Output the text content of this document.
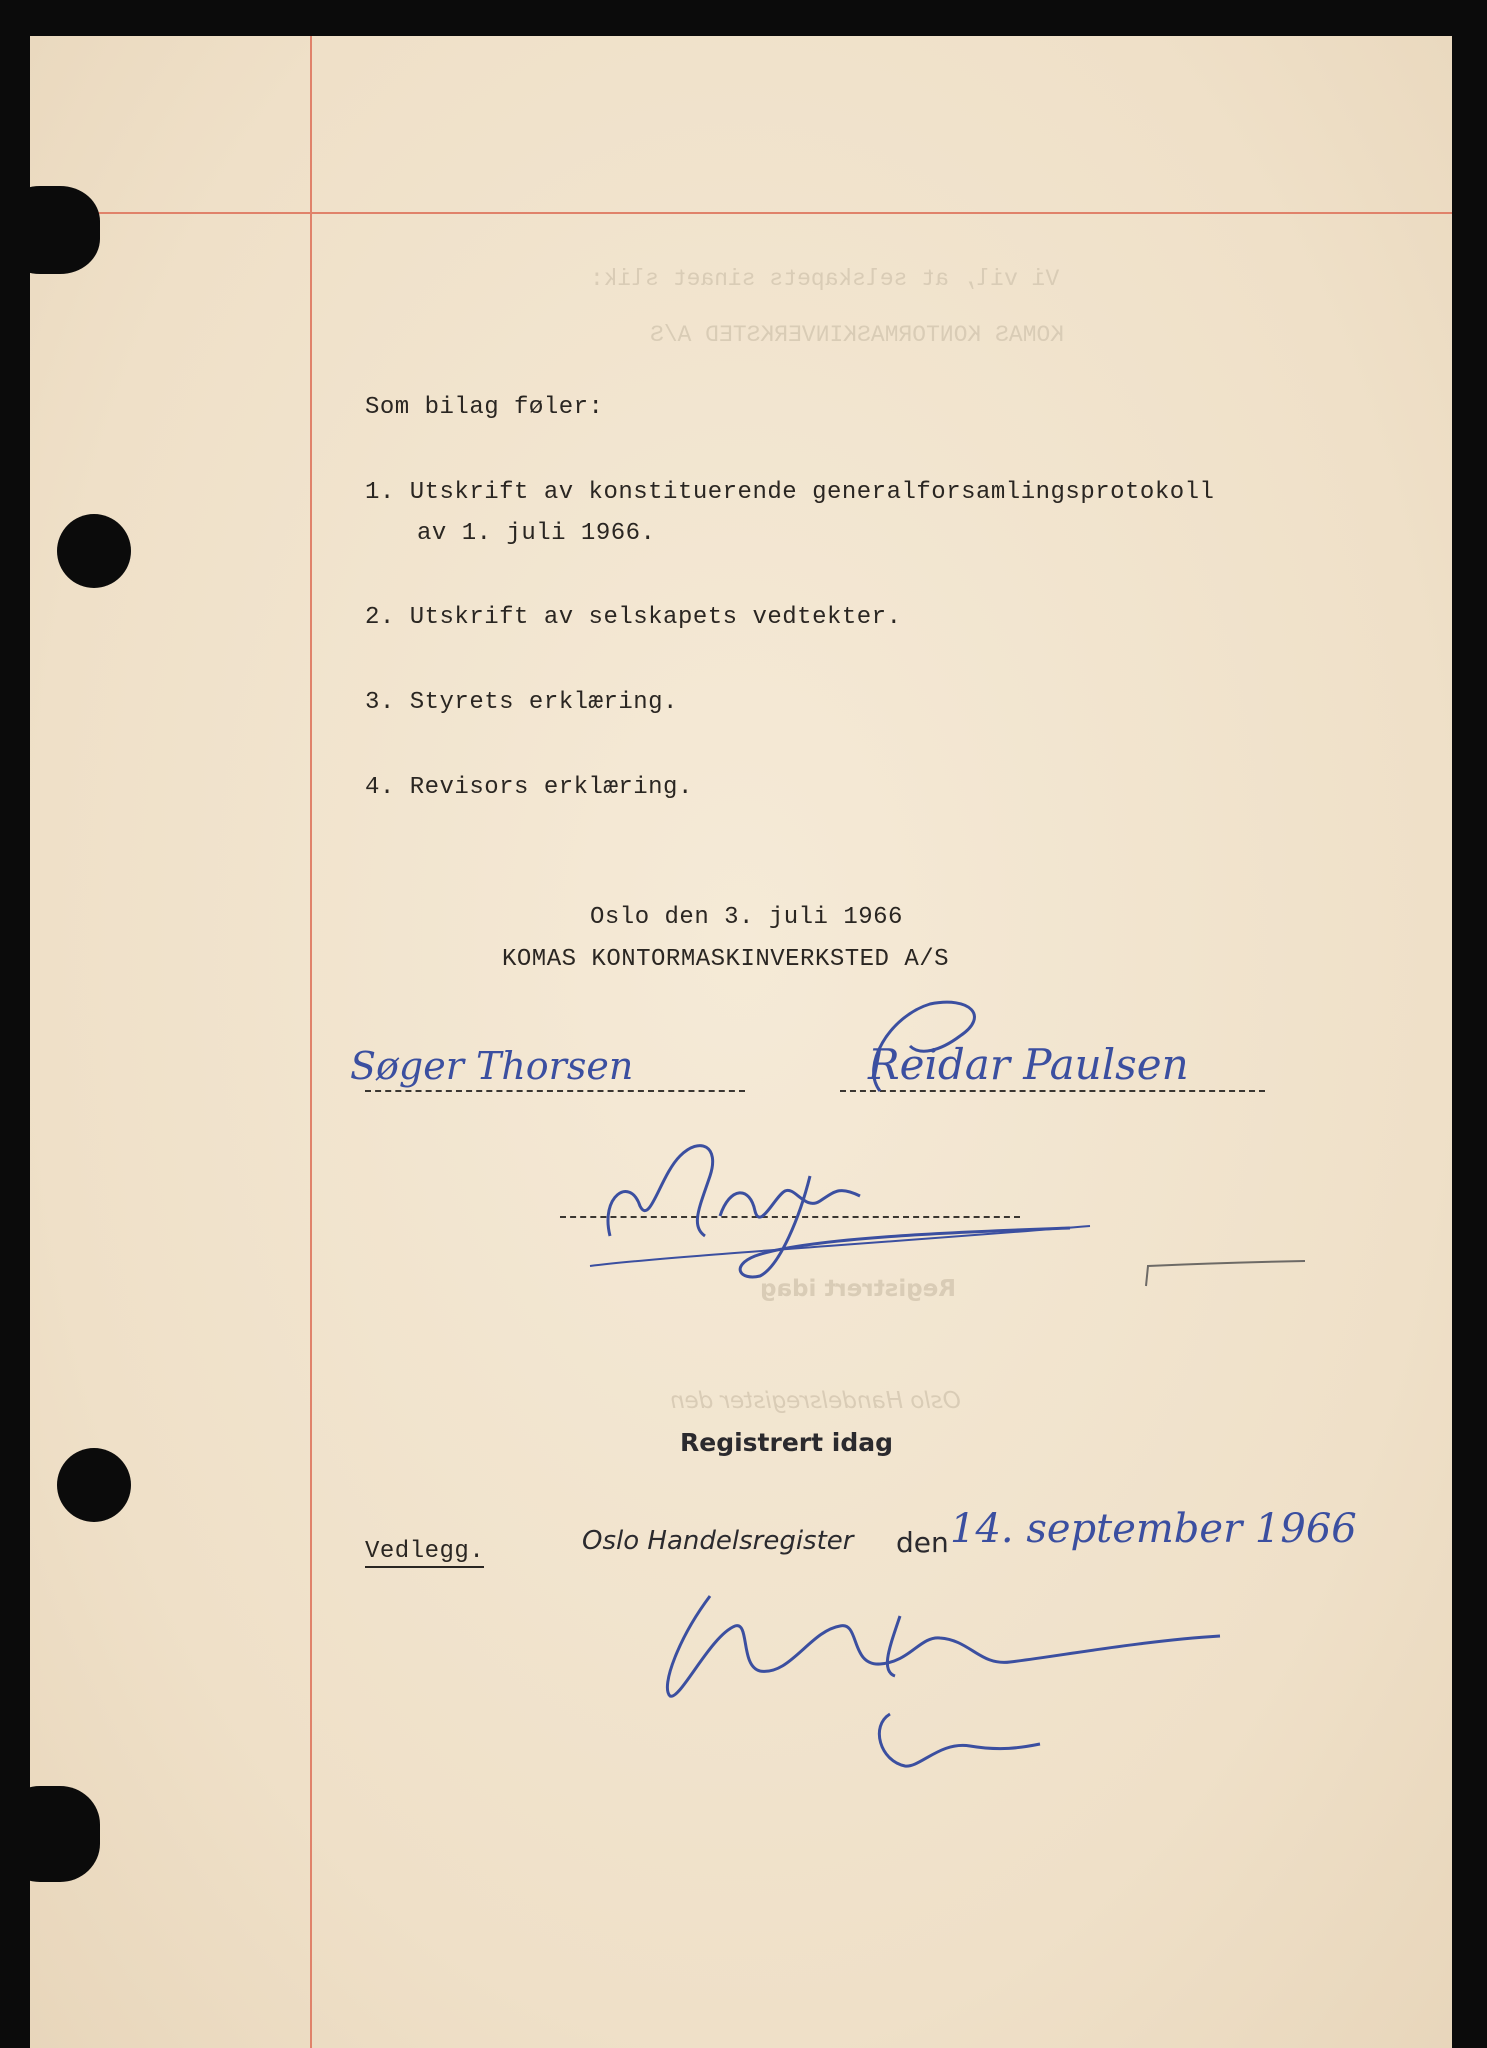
Vi vil, at selskapets sinaet slik:
KOMAS KONTORMASKINVERKSTED A/S
Registrert idag
Oslo Handelsregister den
Som bilag føler:
1. Utskrift av konstituerende generalforsamlingsprotokoll
av 1. juli 1966.
2. Utskrift av selskapets vedtekter.
3. Styrets erklæring.
4. Revisors erklæring.
Oslo den 3. juli 1966
KOMAS KONTORMASKINVERKSTED A/S
Søger Thorsen	Reidar Paulsen
Registrert idag
Oslo Handelsregister den 14. september 1966
Vedlegg.
